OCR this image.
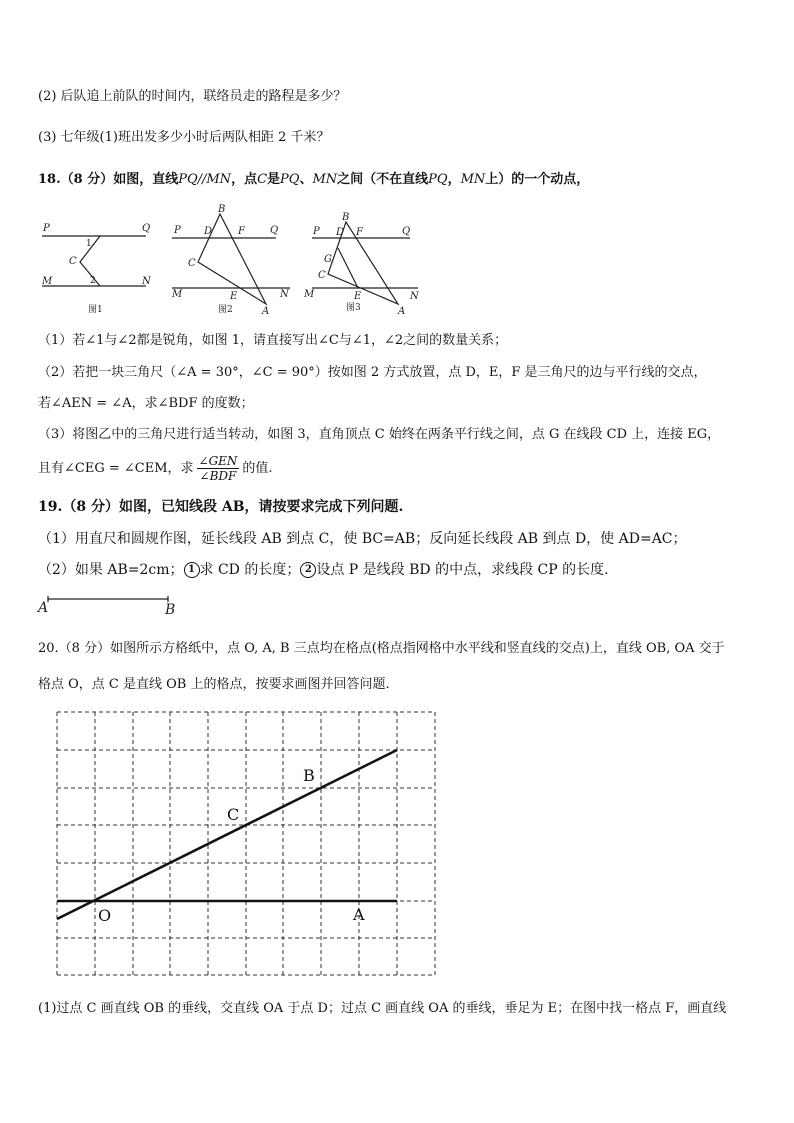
(2) 后队追上前队的时间内，联络员走的路程是多少？
(3) 七年级(1)班出发多少小时后两队相距 2 千米？
18.（8 分）如图，直线PQ//MN，点C是PQ、MN之间（不在直线PQ，MN上）的一个动点，
P	Q
M	N
C
1
2
图1
P	Q
M	N
B
D	F
C
E
A
图2
P	Q
M	N
B
D F
G
C
E
A
图3
（1）若∠1与∠2都是锐角，如图 1，请直接写出∠C与∠1，∠2之间的数量关系；
（2）若把一块三角尺（∠A = 30°，∠C = 90°）按如图 2 方式放置，点 D，E，F 是三角尺的边与平行线的交点，
若∠AEN = ∠A，求∠BDF 的度数；
（3）将图乙中的三角尺进行适当转动，如图 3，直角顶点 C 始终在两条平行线之间，点 G 在线段 CD 上，连接 EG，
且有∠CEG = ∠CEM，求 $\frac{\text{∠GEN}}{\text{∠BDF}}$ 的值.
19.（8 分）如图，已知线段 AB，请按要求完成下列问题.
（1）用直尺和圆规作图，延长线段 AB 到点 C，使 BC=AB；反向延长线段 AB 到点 D，使 AD=AC；
（2）如果 AB=2cm； 1 求 CD 的长度； 2 设点 P 是线段 BD 的中点，求线段 CP 的长度.
A	B
20.（8 分）如图所示方格纸中，点 O, A, B 三点均在格点(格点指网格中水平线和竖直线的交点)上，直线 OB, OA 交于
格点 O，点 C 是直线 OB 上的格点，按要求画图并回答问题.
O	A
B
C
(1)过点 C 画直线 OB 的垂线，交直线 OA 于点 D；过点 C 画直线 OA 的垂线，垂足为 E；在图中找一格点 F，画直线
